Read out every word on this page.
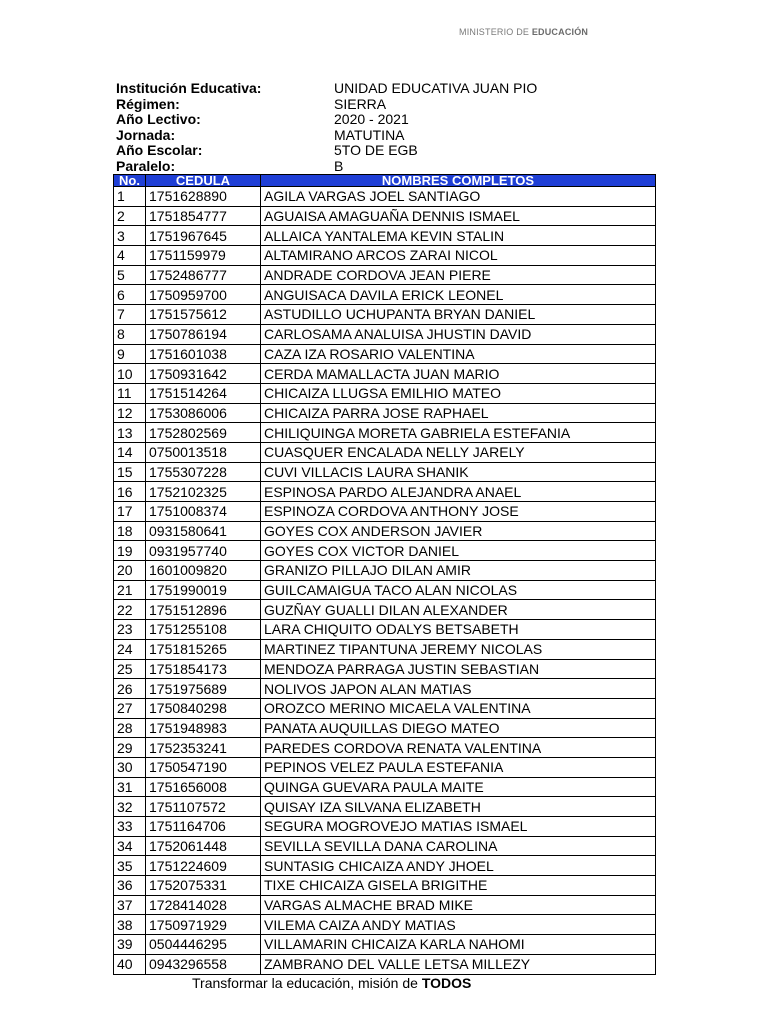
MINISTERIO DE EDUCACIÓN
Institución Educativa:	UNIDAD EDUCATIVA JUAN PIO
Régimen:	SIERRA
Año Lectivo:	2020 - 2021
Jornada:	MATUTINA
Año Escolar:	5TO DE EGB
Paralelo:	B
No.	CEDULA	NOMBRES COMPLETOS
1	1751628890	AGILA VARGAS JOEL SANTIAGO
2	1751854777	AGUAISA AMAGUAÑA DENNIS ISMAEL
3	1751967645	ALLAICA YANTALEMA KEVIN STALIN
4	1751159979	ALTAMIRANO ARCOS ZARAI NICOL
5	1752486777	ANDRADE CORDOVA JEAN PIERE
6	1750959700	ANGUISACA DAVILA ERICK LEONEL
7	1751575612	ASTUDILLO UCHUPANTA BRYAN DANIEL
8	1750786194	CARLOSAMA ANALUISA JHUSTIN DAVID
9	1751601038	CAZA IZA ROSARIO VALENTINA
10	1750931642	CERDA MAMALLACTA JUAN MARIO
11	1751514264	CHICAIZA LLUGSA EMILHIO MATEO
12	1753086006	CHICAIZA PARRA JOSE RAPHAEL
13	1752802569	CHILIQUINGA MORETA GABRIELA ESTEFANIA
14	0750013518	CUASQUER ENCALADA NELLY JARELY
15	1755307228	CUVI VILLACIS LAURA SHANIK
16	1752102325	ESPINOSA PARDO ALEJANDRA ANAEL
17	1751008374	ESPINOZA CORDOVA ANTHONY JOSE
18	0931580641	GOYES COX ANDERSON JAVIER
19	0931957740	GOYES COX VICTOR DANIEL
20	1601009820	GRANIZO PILLAJO DILAN AMIR
21	1751990019	GUILCAMAIGUA TACO ALAN NICOLAS
22	1751512896	GUZÑAY GUALLI DILAN ALEXANDER
23	1751255108	LARA CHIQUITO ODALYS BETSABETH
24	1751815265	MARTINEZ TIPANTUNA JEREMY NICOLAS
25	1751854173	MENDOZA PARRAGA JUSTIN SEBASTIAN
26	1751975689	NOLIVOS JAPON ALAN MATIAS
27	1750840298	OROZCO MERINO MICAELA VALENTINA
28	1751948983	PANATA AUQUILLAS DIEGO MATEO
29	1752353241	PAREDES CORDOVA RENATA VALENTINA
30	1750547190	PEPINOS VELEZ PAULA ESTEFANIA
31	1751656008	QUINGA GUEVARA PAULA MAITE
32	1751107572	QUISAY IZA SILVANA ELIZABETH
33	1751164706	SEGURA MOGROVEJO MATIAS ISMAEL
34	1752061448	SEVILLA SEVILLA DANA CAROLINA
35	1751224609	SUNTASIG CHICAIZA ANDY JHOEL
36	1752075331	TIXE CHICAIZA GISELA BRIGITHE
37	1728414028	VARGAS ALMACHE BRAD MIKE
38	1750971929	VILEMA CAIZA ANDY MATIAS
39	0504446295	VILLAMARIN CHICAIZA KARLA NAHOMI
40	0943296558	ZAMBRANO DEL VALLE LETSA MILLEZY
Transformar la educación, misión de TODOS
